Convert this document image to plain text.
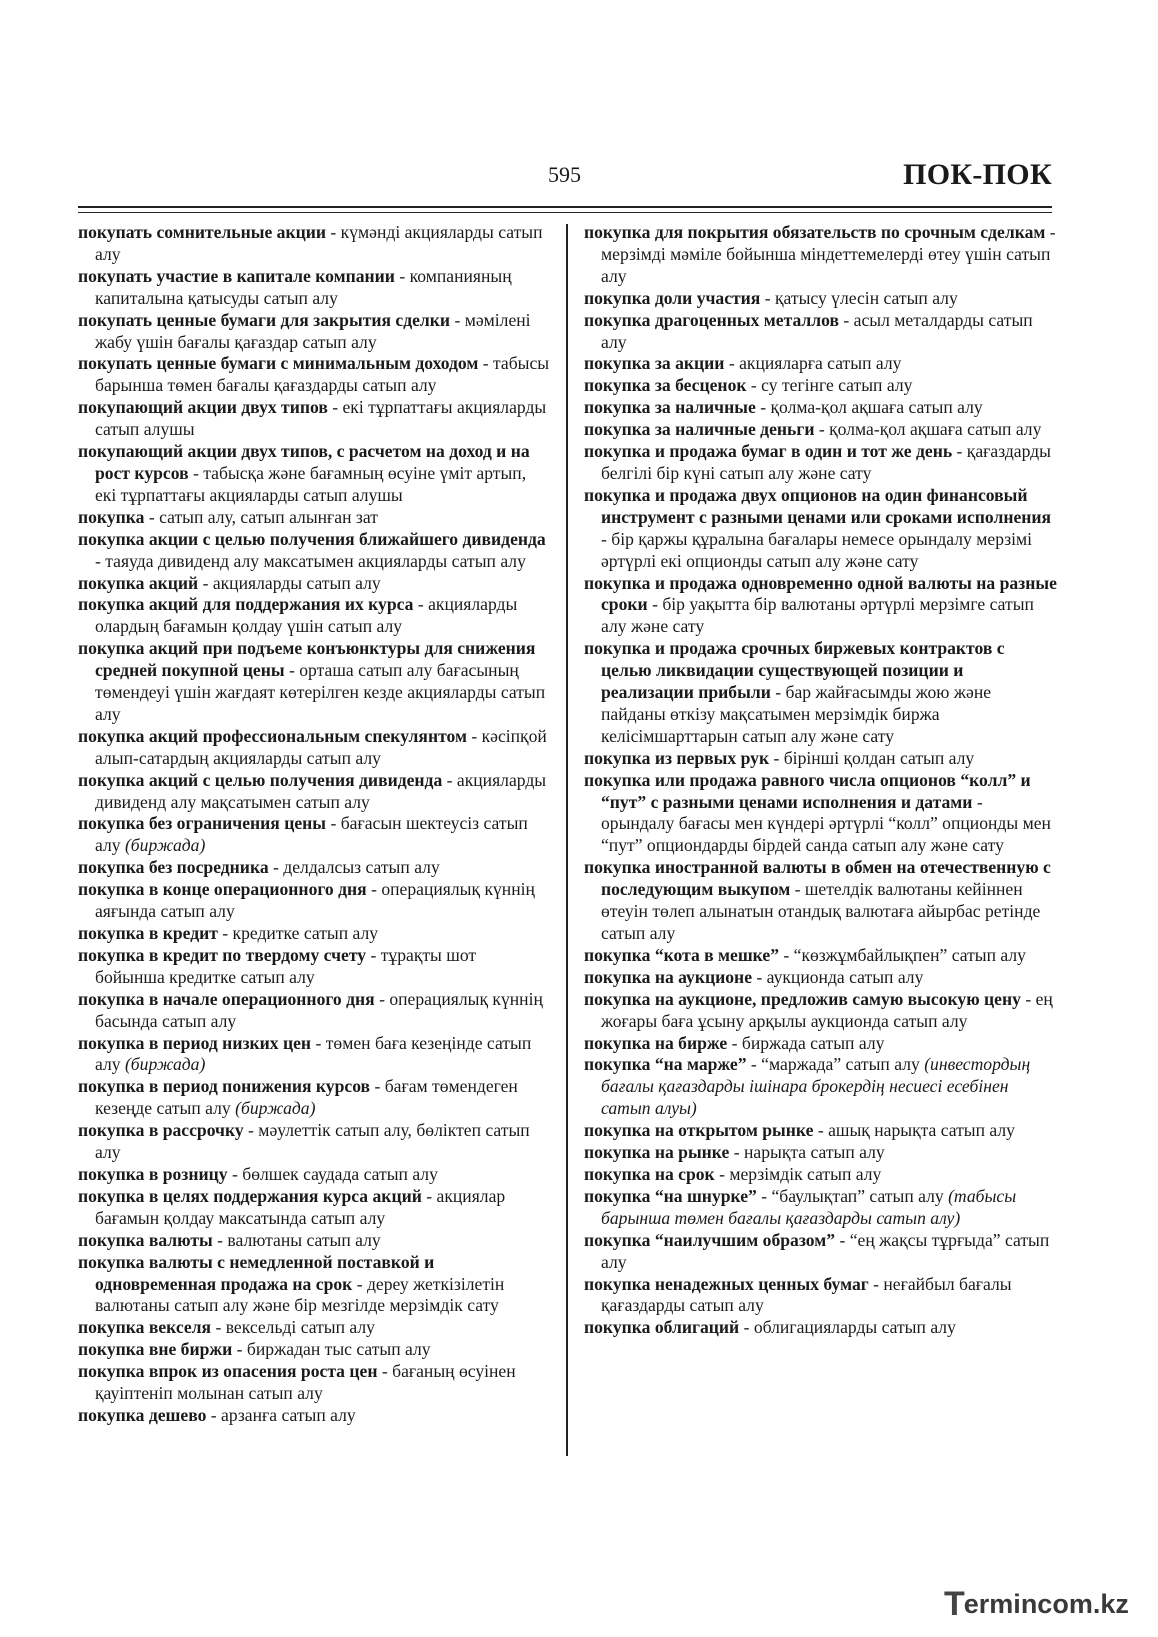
595	ПОК-ПОК

покупать сомнительные акции - күмәнді акцияларды сатып алу

покупать участие в капитале компании - компанияның капиталына қатысуды сатып алу

покупать ценные бумаги для закрытия сделки - мәмілені жабу үшін бағалы қағаздар сатып алу

покупать ценные бумаги с минимальным доходом - табысы барынша төмен бағалы қағаздарды сатып алу

покупающий акции двух типов - екі тұрпаттағы акцияларды сатып алушы

покупающий акции двух типов, с расчетом на доход и на рост курсов - табысқа және бағамның өсуіне үміт артып, екі тұрпаттағы акцияларды сатып алушы

покупка - сатып алу, сатып алынған зат

покупка акции с целью получения ближайшего дивиденда - таяуда дивиденд алу максатымен акцияларды сатып алу

покупка акций - акцияларды сатып алу

покупка акций для поддержания их курса - акцияларды олардың бағамын қолдау үшін сатып алу

покупка акций при подъеме конъюнктуры для снижения средней покупной цены - орташа сатып алу бағасының төмендеуі үшін жағдаят көтерілген кезде акцияларды сатып алу

покупка акций профессиональным спекулянтом - кәсіпқой алып-сатардың акцияларды сатып алу

покупка акций с целью получения дивиденда - акцияларды дивиденд алу мақсатымен сатып алу

покупка без ограничения цены - бағасын шектеусіз сатып алу (биржада)

покупка без посредника - делдалсыз сатып алу

покупка в конце операционного дня - операциялық күннің аяғында сатып алу

покупка в кредит - кредитке сатып алу

покупка в кредит по твердому счету - тұрақты шот бойынша кредитке сатып алу

покупка в начале операционного дня - операциялық күннің басында сатып алу

покупка в период низких цен - төмен баға кезеңінде сатып алу (биржада)

покупка в период понижения курсов - бағам төмендеген кезеңде сатып алу (биржада)

покупка в рассрочку - мәулеттік сатып алу, бөліктеп сатып алу

покупка в розницу - бөлшек саудада сатып алу

покупка в целях поддержания курса акций - акциялар бағамын қолдау максатында сатып алу

покупка валюты - валютаны сатып алу

покупка валюты с немедленной поставкой и одновременная продажа на срок - дереу жеткізілетін валютаны сатып алу және бір мезгілде мерзімдік сату

покупка векселя - вексельді сатып алу

покупка вне биржи - биржадан тыс сатып алу

покупка впрок из опасения роста цен - бағаның өсуінен қауіптеніп молынан сатып алу

покупка дешево - арзанға сатып алу

покупка для покрытия обязательств по срочным сделкам - мерзімді мәміле бойынша міндеттемелерді өтеу үшін сатып алу

покупка доли участия - қатысу үлесін сатып алу

покупка драгоценных металлов - асыл металдарды сатып алу

покупка за акции - акцияларға сатып алу

покупка за бесценок - су тегінге сатып алу

покупка за наличные - қолма-қол ақшаға сатып алу

покупка за наличные деньги - қолма-қол ақшаға сатып алу

покупка и продажа бумаг в один и тот же день - қағаздарды белгілі бір күні сатып алу және сату

покупка и продажа двух опционов на один финансовый инструмент с разными ценами или сроками исполнения - бір қаржы құралына бағалары немесе орындалу мерзімі әртүрлі екі опционды сатып алу және сату

покупка и продажа одновременно одной валюты на разные сроки - бір уақытта бір валютаны әртүрлі мерзімге сатып алу және сату

покупка и продажа срочных биржевых контрактов с целью ликвидации существующей позиции и реализации прибыли - бар жайғасымды жою және пайданы өткізу мақсатымен мерзімдік биржа келісімшарттарын сатып алу және сату

покупка из первых рук - бірінші қолдан сатып алу

покупка или продажа равного числа опционов “колл” и “пут” с разными ценами исполнения и датами - орындалу бағасы мен күндері әртүрлі “колл” опционды мен “пут” опциондарды бірдей санда сатып алу және сату

покупка иностранной валюты в обмен на отечественную с последующим выкупом - шетелдік валютаны кейіннен өтеуін төлеп алынатын отандық валютаға айырбас ретінде сатып алу

покупка “кота в мешке” - “көзжұмбайлықпен” сатып алу

покупка на аукционе - аукционда сатып алу

покупка на аукционе, предложив самую высокую цену - ең жоғары баға ұсыну арқылы аукционда сатып алу

покупка на бирже - биржада сатып алу

покупка “на марже” - “маржада” сатып алу (инвестордың бағалы қағаздарды ішінара брокердің несиесі есебінен сатып алуы)

покупка на открытом рынке - ашық нарықта сатып алу

покупка на рынке - нарықта сатып алу

покупка на срок - мерзімдік сатып алу

покупка “на шнурке” - “баулықтап” сатып алу (табысы барынша төмен бағалы қағаздарды сатып алу)

покупка “наилучшим образом” - “ең жақсы тұрғыда” сатып алу

покупка ненадежных ценных бумаг - неғайбыл бағалы қағаздарды сатып алу

покупка облигаций - облигацияларды сатып алу

T ermincom.kz
